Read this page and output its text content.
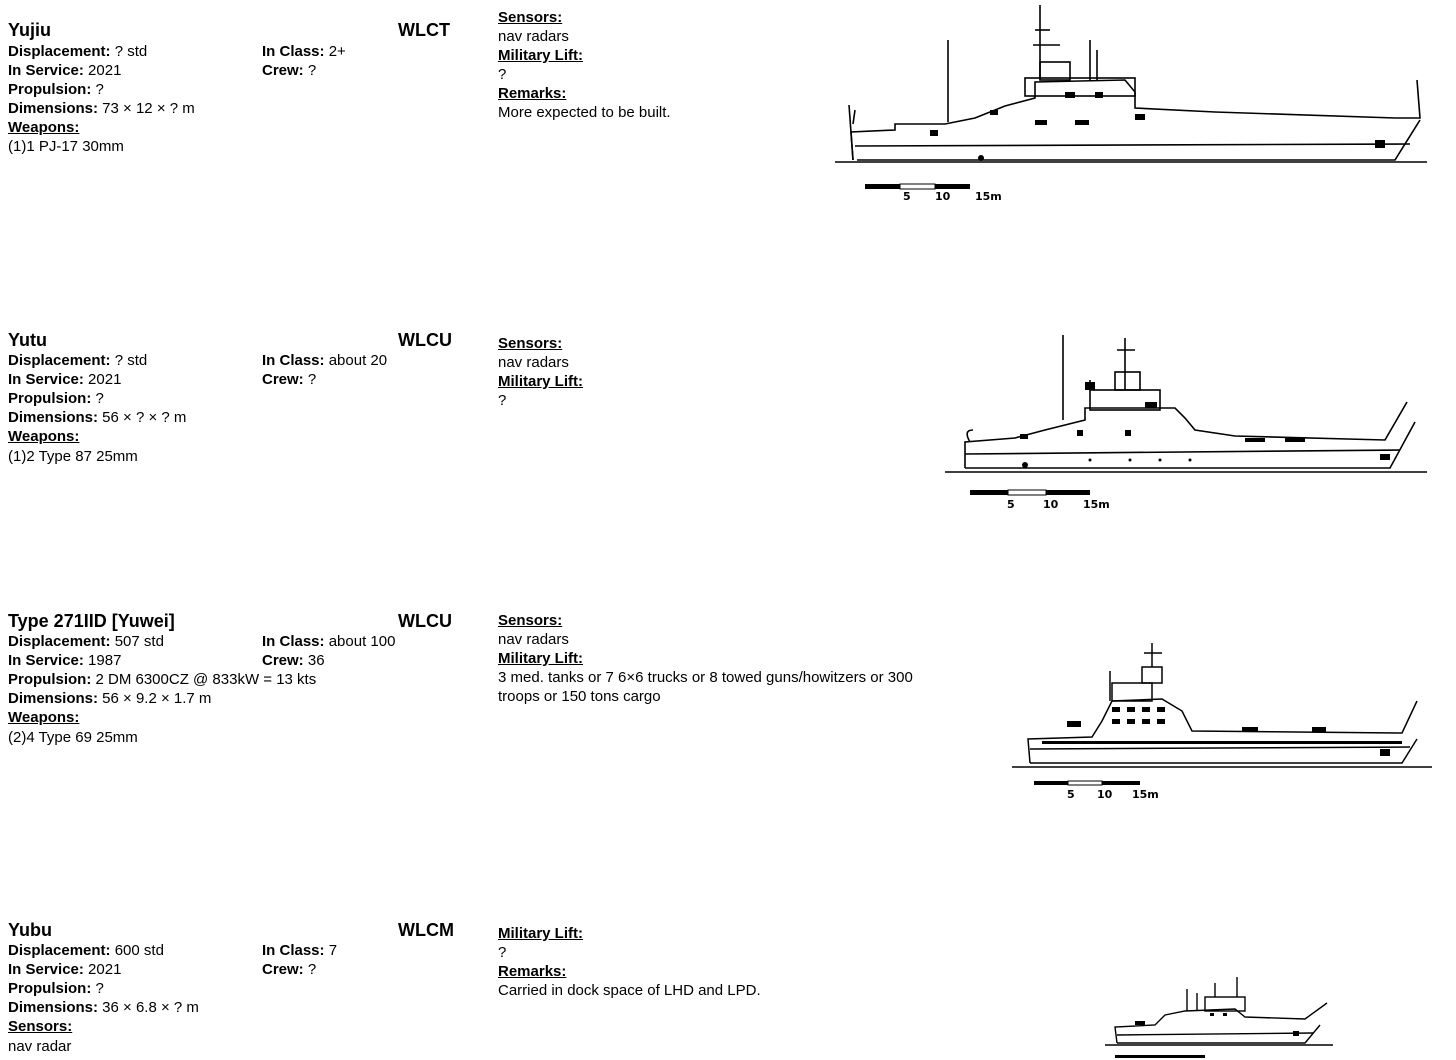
Yujiu	WLCT
Displacement: ? std	In Class: 2+
In Service: 2021	Crew: ?
Propulsion: ?
Dimensions: 73 × 12 × ? m
Weapons:
(1)1 PJ-17 30mm
Sensors:
nav radars
Military Lift:
?
Remarks:
More expected to be built.
5 10 15m
Yutu	WLCU
Displacement: ? std	In Class: about 20
In Service: 2021	Crew: ?
Propulsion: ?
Dimensions: 56 × ? × ? m
Weapons:
(1)2 Type 87 25mm
Sensors:
nav radars
Military Lift:
?
5	10 15m
Type 271IID [Yuwei]	WLCU
Displacement: 507 std	In Class: about 100
In Service: 1987	Crew: 36
Propulsion: 2 DM 6300CZ @ 833kW = 13 kts
Dimensions: 56 × 9.2 × 1.7 m
Weapons:
(2)4 Type 69 25mm
Sensors:
nav radars
Military Lift:
3 med. tanks or 7 6×6 trucks or 8 towed guns/howitzers or 300
troops or 150 tons cargo
5 10 15m
Yubu	WLCM
Displacement: 600 std	In Class: 7
In Service: 2021	Crew: ?
Propulsion: ?
Dimensions: 36 × 6.8 × ? m
Sensors:
nav radar
Military Lift:
?
Remarks:
Carried in dock space of LHD and LPD.
